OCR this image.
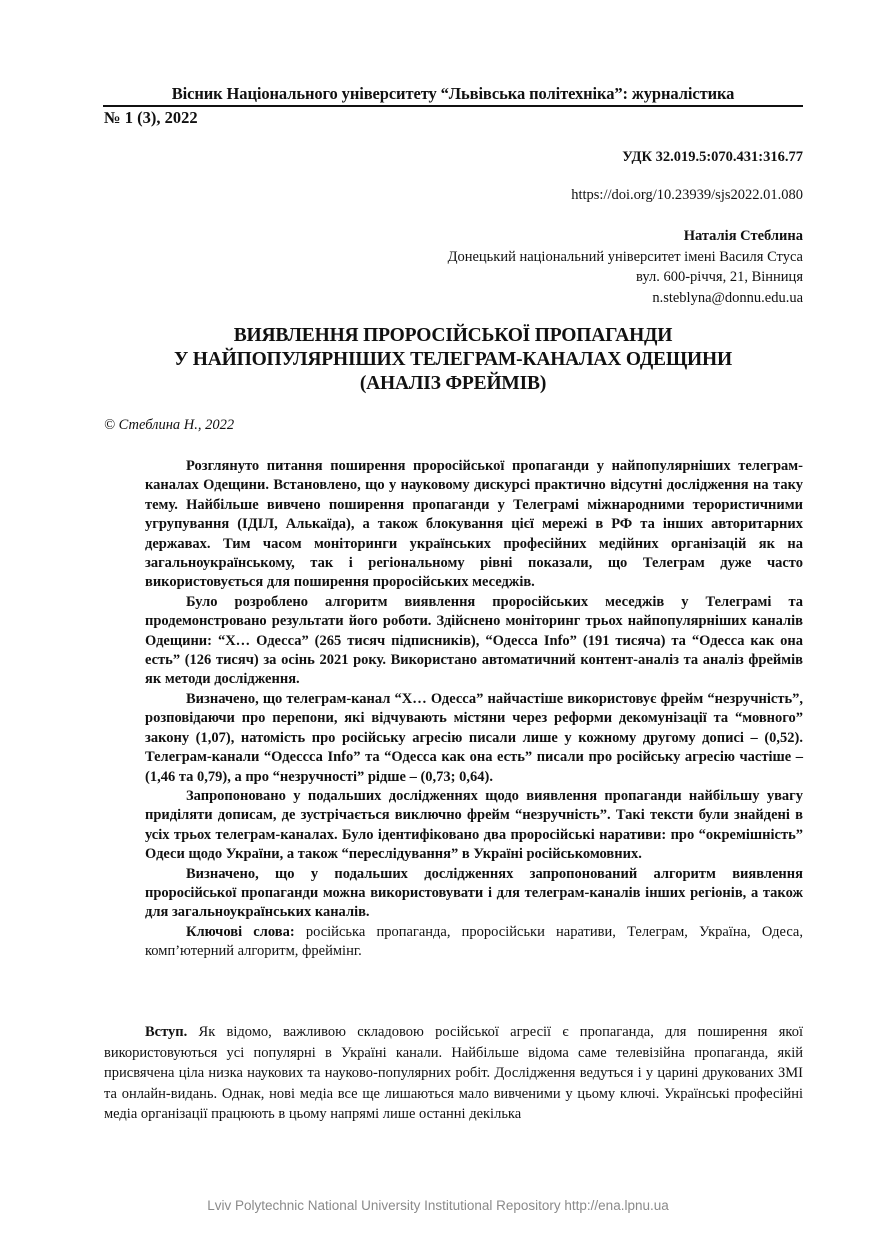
Вісник Національного університету “Львівська політехніка”: журналістика
№ 1 (3), 2022
УДК 32.019.5:070.431:316.77
https://doi.org/10.23939/sjs2022.01.080
Наталія Стеблина
Донецький національний університет імені Василя Стуса
вул. 600-річчя, 21, Вінниця
n.steblyna@donnu.edu.ua
ВИЯВЛЕННЯ ПРОРОСІЙСЬКОЇ ПРОПАГАНДИ
У НАЙПОПУЛЯРНІШИХ ТЕЛЕГРАМ-КАНАЛАХ ОДЕЩИНИ
(АНАЛІЗ ФРЕЙМІВ)
© Стеблина Н., 2022

Розглянуто питання поширення проросійської пропаганди у найпопулярніших телеграм-каналах Одещини. Встановлено, що у науковому дискурсі практично відсутні дослідження на таку тему. Найбільше вивчено поширення пропаганди у Телеграмі міжнародними терористичними угрупування (ІДІЛ, Алькаїда), а також блокування цієї мережі в РФ та інших авторитарних державах. Тим часом моніторинги українських професійних медійних організацій як на загальноукраїнському, так і регіональному рівні показали, що Телеграм дуже часто використовується для поширення проросійських меседжів.

Було розроблено алгоритм виявлення проросійських меседжів у Телеграмі та продемонстровано результати його роботи. Здійснено моніторинг трьох найпопулярніших каналів Одещини: “Х… Одесса” (265 тисяч підписників), “Одесса Info” (191 тисяча) та “Одесса как она есть” (126 тисяч) за осінь 2021 року. Використано автоматичний контент-аналіз та аналіз фреймів як методи дослідження.

Визначено, що телеграм-канал “Х… Одесса” найчастіше використовує фрейм “незручність”, розповідаючи про перепони, які відчувають містяни через реформи декомунізації та “мовного” закону (1,07), натомість про російську агресію писали лише у кожному другому дописі – (0,52). Телеграм-канали “Одессса Info” та “Одесса как она есть” писали про російську агресію частіше – (1,46 та 0,79), а про “незручності” рідше – (0,73; 0,64).

Запропоновано у подальших дослідженнях щодо виявлення пропаганди найбільшу увагу приділяти дописам, де зустрічається виключно фрейм “незручність”. Такі тексти були знайдені в усіх трьох телеграм-каналах. Було ідентифіковано два проросійські наративи: про “окремішність” Одеси щодо України, а також “переслідування” в Україні російськомовних.

Визначено, що у подальших дослідженнях запропонований алгоритм виявлення проросійської пропаганди можна використовувати і для телеграм-каналів інших регіонів, а також для загальноукраїнських каналів.

Ключові слова: російська пропаганда, проросійськи наративи, Телеграм, Україна, Одеса, комп’ютерний алгоритм, фреймінг.

Вступ. Як відомо, важливою складовою російської агресії є пропаганда, для поширення якої використовуються усі популярні в Україні канали. Найбільше відома саме телевізійна пропаганда, якій присвячена ціла низка наукових та науково-популярних робіт. Дослідження ведуться і у царині друкованих ЗМІ та онлайн-видань. Однак, нові медіа все ще лишаються мало вивченими у цьому ключі. Українські професійні медіа організації працюють в цьому напрямі лише останні декілька

Lviv Polytechnic National University Institutional Repository http://ena.lpnu.ua
